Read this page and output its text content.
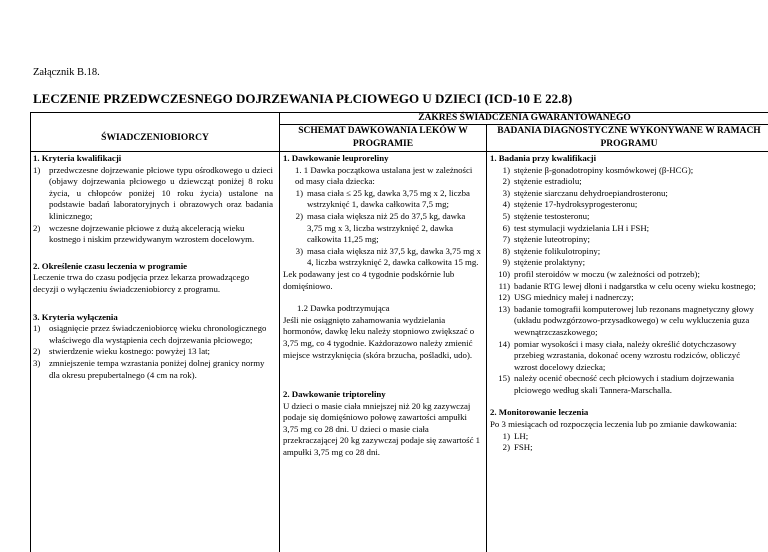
Załącznik B.18.
LECZENIE PRZEDWCZESNEGO DOJRZEWANIA PŁCIOWEGO U DZIECI (ICD-10 E 22.8)
ZAKRES ŚWIADCZENIA GWARANTOWANEGO
ŚWIADCZENIOBIORCY
SCHEMAT DAWKOWANIA LEKÓW W PROGRAMIE
BADANIA DIAGNOSTYCZNE WYKONYWANE W RAMACH PROGRAMU
1. Kryteria kwalifikacji
1) przedwczesne dojrzewanie płciowe typu ośrodkowego u dzieci (objawy dojrzewania płciowego u dziewcząt poniżej 8 roku życia, u chłopców poniżej 10 roku życia) ustalone na podstawie badań laboratoryjnych i obrazowych oraz badania klinicznego;
2) wczesne dojrzewanie płciowe z dużą akceleracją wieku kostnego i niskim przewidywanym wzrostem docelowym.
2. Określenie czasu leczenia w programie
Leczenie trwa do czasu podjęcia przez lekarza prowadzącego decyzji o wyłączeniu świadczeniobiorcy z programu.
3. Kryteria wyłączenia
1) osiągnięcie przez świadczeniobiorcę wieku chronologicznego właściwego dla wystąpienia cech dojrzewania płciowego;
2) stwierdzenie wieku kostnego: powyżej 13 lat;
3) zmniejszenie tempa wzrastania poniżej dolnej granicy normy dla okresu prepubertalnego (4 cm na rok).
1. Dawkowanie leuproreliny
1. 1 Dawka początkowa ustalana jest w zależności od masy ciała dziecka:
1) masa ciała ≤ 25 kg, dawka 3,75 mg x 2, liczba wstrzyknięć 1, dawka całkowita 7,5 mg;
2) masa ciała większa niż 25 do 37,5 kg, dawka 3,75 mg x 3, liczba wstrzyknięć 2, dawka całkowita 11,25 mg;
3) masa ciała większa niż 37,5 kg, dawka 3,75 mg x 4, liczba wstrzyknięć 2, dawka całkowita 15 mg.
Lek podawany jest co 4 tygodnie podskórnie lub domięśniowo.
1.2 Dawka podtrzymująca
Jeśli nie osiągnięto zahamowania wydzielania hormonów, dawkę leku należy stopniowo zwiększać o 3,75 mg, co 4 tygodnie. Każdorazowo należy zmienić miejsce wstrzyknięcia (skóra brzucha, pośladki, udo).
2. Dawkowanie triptoreliny
U dzieci o masie ciała mniejszej niż 20 kg zazywczaj podaje się domięśniowo połowę zawartości ampułki 3,75 mg co 28 dni. U dzieci o masie ciała przekraczającej 20 kg zazywczaj podaje się zawartość 1 ampułki 3,75 mg co 28 dni.
1. Badania przy kwalifikacji
1) stężenie β-gonadotropiny kosmówkowej (β-HCG);
2) stężenie estradiolu;
3) stężenie siarczanu dehydroepiandrosteronu;
4) stężenie 17-hydroksyprogesteronu;
5) stężenie testosteronu;
6) test stymulacji wydzielania LH i FSH;
7) stężenie luteotropiny;
8) stężenie folikulotropiny;
9) stężenie prolaktyny;
10) profil steroidów w moczu (w zależności od potrzeb);
11) badanie RTG lewej dłoni i nadgarstka w celu oceny wieku kostnego;
12) USG miednicy małej i nadnerczy;
13) badanie tomografii komputerowej lub rezonans magnetyczny głowy (układu podwzgórzowo-przysadkowego) w celu wykluczenia guza wewnątrzczaszkowego;
14) pomiar wysokości i masy ciała, należy określić dotychczasowy przebieg wzrastania, dokonać oceny wzrostu rodziców, obliczyć wzrost docelowy dziecka;
15) należy ocenić obecność cech płciowych i stadium dojrzewania płciowego według skali Tannera-Marschalla.
2. Monitorowanie leczenia
Po 3 miesiącach od rozpoczęcia leczenia lub po zmianie dawkowania:
1) LH;
2) FSH;
